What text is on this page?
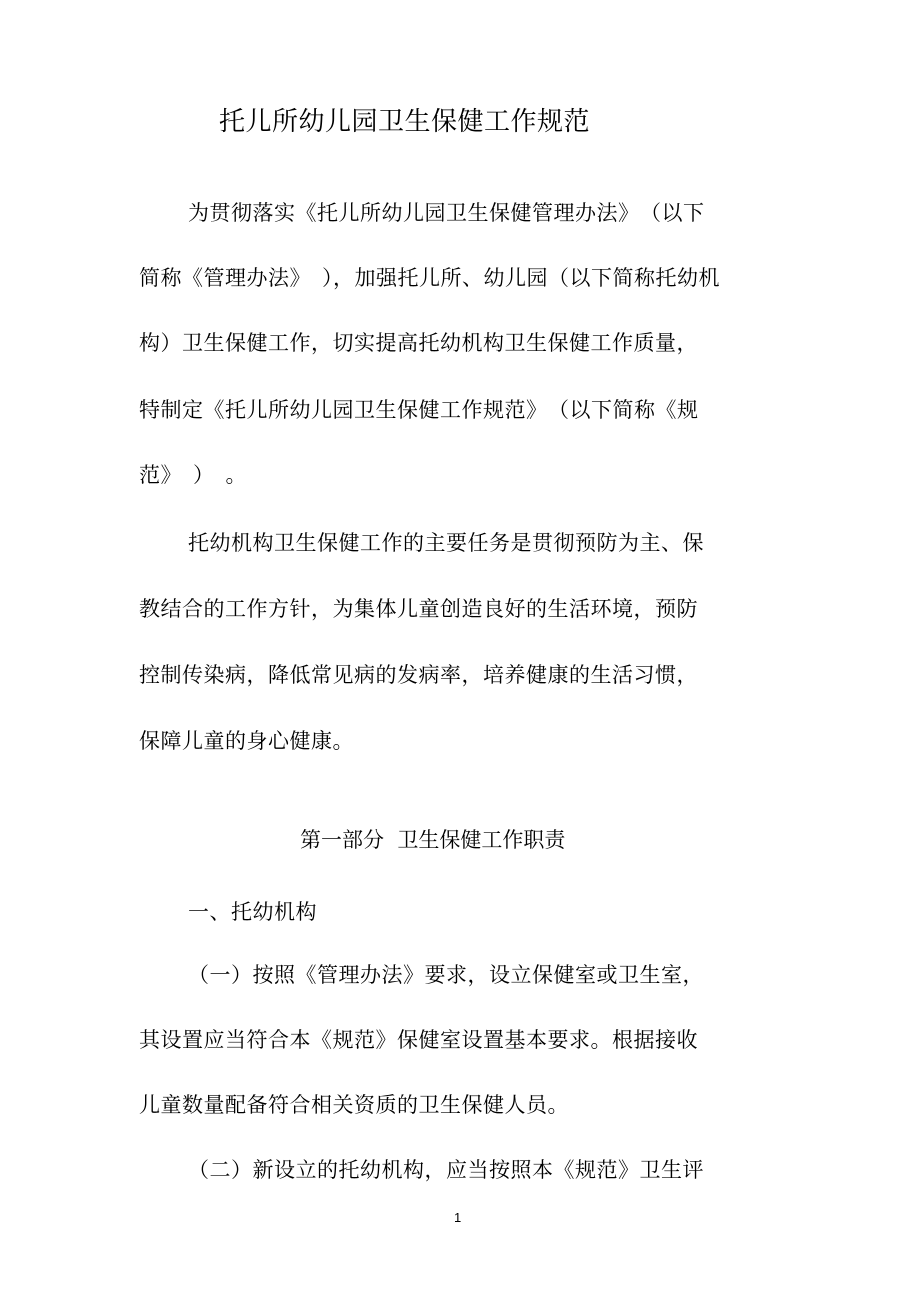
托儿所幼儿园卫生保健工作规范
为贯彻落实《托儿所幼儿园卫生保健管理办法》　（以下
简称《管理办法》　），加强托儿所、幼儿园（以下简称托幼机
构）卫生保健工作，切实提高托幼机构卫生保健工作质量，
特制定《托儿所幼儿园卫生保健工作规范》　（以下简称《规
范》　）　。
托幼机构卫生保健工作的主要任务是贯彻预防为主、保
教结合的工作方针，为集体儿童创造良好的生活环境，预防
控制传染病，降低常见病的发病率，培养健康的生活习惯，
保障儿童的身心健康。
第一部分  卫生保健工作职责
一、托幼机构
（一）按照《管理办法》要求，设立保健室或卫生室，
其设置应当符合本《规范》保健室设置基本要求。根据接收
儿童数量配备符合相关资质的卫生保健人员。
（二）新设立的托幼机构，应当按照本《规范》卫生评
1
